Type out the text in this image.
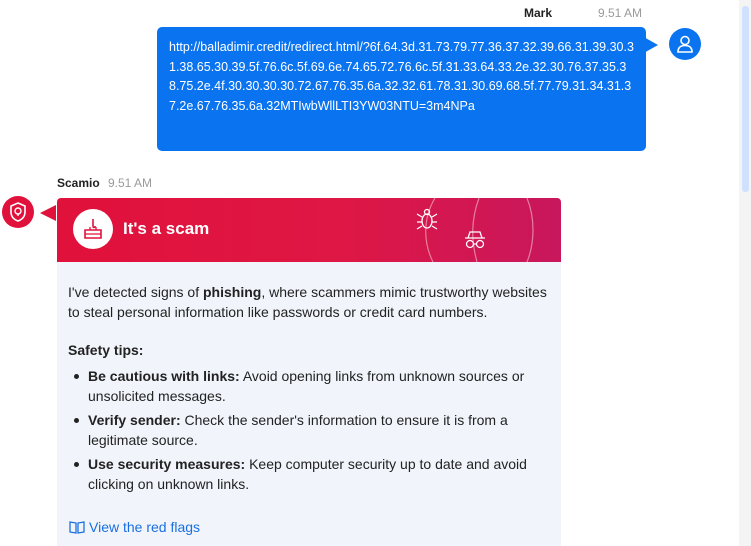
Mark	9.51 AM
http://balladimir.credit/redirect.html/?6f.64.3d.31.73.79.77.36.37.32.39.66.31.39.30.31.38.65.30.39.5f.76.6c.5f.69.6e.74.65.72.76.6c.5f.31.33.64.33.2e.32.30.76.37.35.38.75.2e.4f.30.30.30.30.72.67.76.35.6a.32.32.61.78.31.30.69.68.5f.77.79.31.34.31.37.2e.67.76.35.6a.32MTIwbWllLTI3YW03NTU=3m4NPa
Scamio 9.51 AM
It's a scam

I've detected signs of phishing, where scammers mimic trustworthy websites to steal personal information like passwords or credit card numbers.

Safety tips:

Be cautious with links: Avoid opening links from unknown sources or unsolicited messages.
Verify sender: Check the sender's information to ensure it is from a legitimate source.
Use security measures: Keep computer security up to date and avoid clicking on unknown links.
View the red flags
